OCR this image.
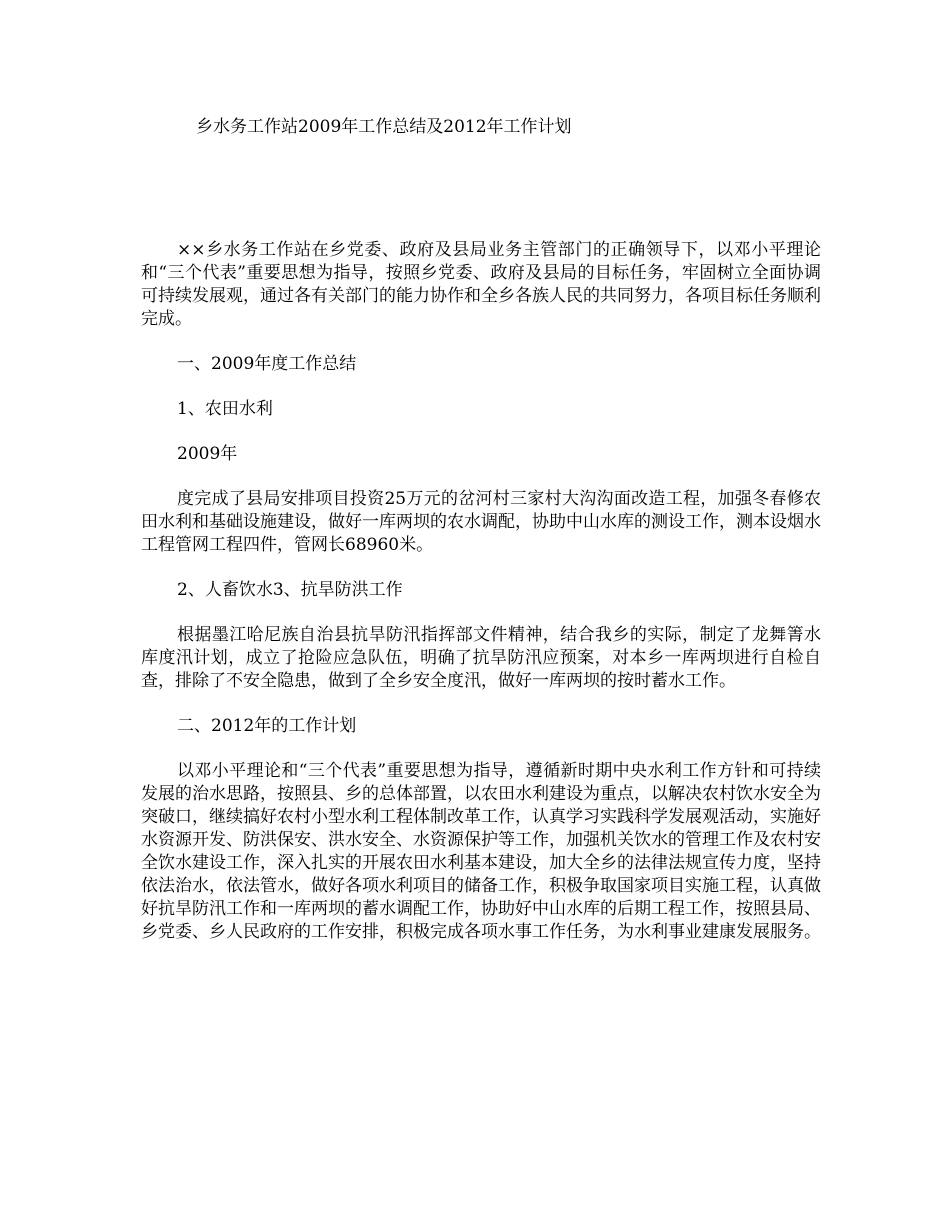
乡水务工作站2009年工作总结及2012年工作计划

××乡水务工作站在乡党委、政府及县局业务主管部门的正确领导下，以邓小平理论和“三个代表”重要思想为指导，按照乡党委、政府及县局的目标任务，牢固树立全面协调可持续发展观，通过各有关部门的能力协作和全乡各族人民的共同努力，各项目标任务顺利完成。

一、2009年度工作总结

1、农田水利

2009年

度完成了县局安排项目投资25万元的岔河村三家村大沟沟面改造工程，加强冬春修农田水利和基础设施建设，做好一库两坝的农水调配，协助中山水库的测设工作，测本设烟水工程管网工程四件，管网长68960米。

2、人畜饮水3、抗旱防洪工作

根据墨江哈尼族自治县抗旱防汛指挥部文件精神，结合我乡的实际，制定了龙舞箐水库度汛计划，成立了抢险应急队伍，明确了抗旱防汛应预案，对本乡一库两坝进行自检自查，排除了不安全隐患，做到了全乡安全度汛，做好一库两坝的按时蓄水工作。

二、2012年的工作计划

以邓小平理论和“三个代表”重要思想为指导，遵循新时期中央水利工作方针和可持续发展的治水思路，按照县、乡的总体部置，以农田水利建设为重点，以解决农村饮水安全为突破口，继续搞好农村小型水利工程体制改革工作，认真学习实践科学发展观活动，实施好水资源开发、防洪保安、洪水安全、水资源保护等工作，加强机关饮水的管理工作及农村安全饮水建设工作，深入扎实的开展农田水利基本建设，加大全乡的法律法规宣传力度，坚持依法治水，依法管水，做好各项水利项目的储备工作，积极争取国家项目实施工程，认真做好抗旱防汛工作和一库两坝的蓄水调配工作，协助好中山水库的后期工程工作，按照县局、乡党委、乡人民政府的工作安排，积极完成各项水事工作任务，为水利事业建康发展服务。
